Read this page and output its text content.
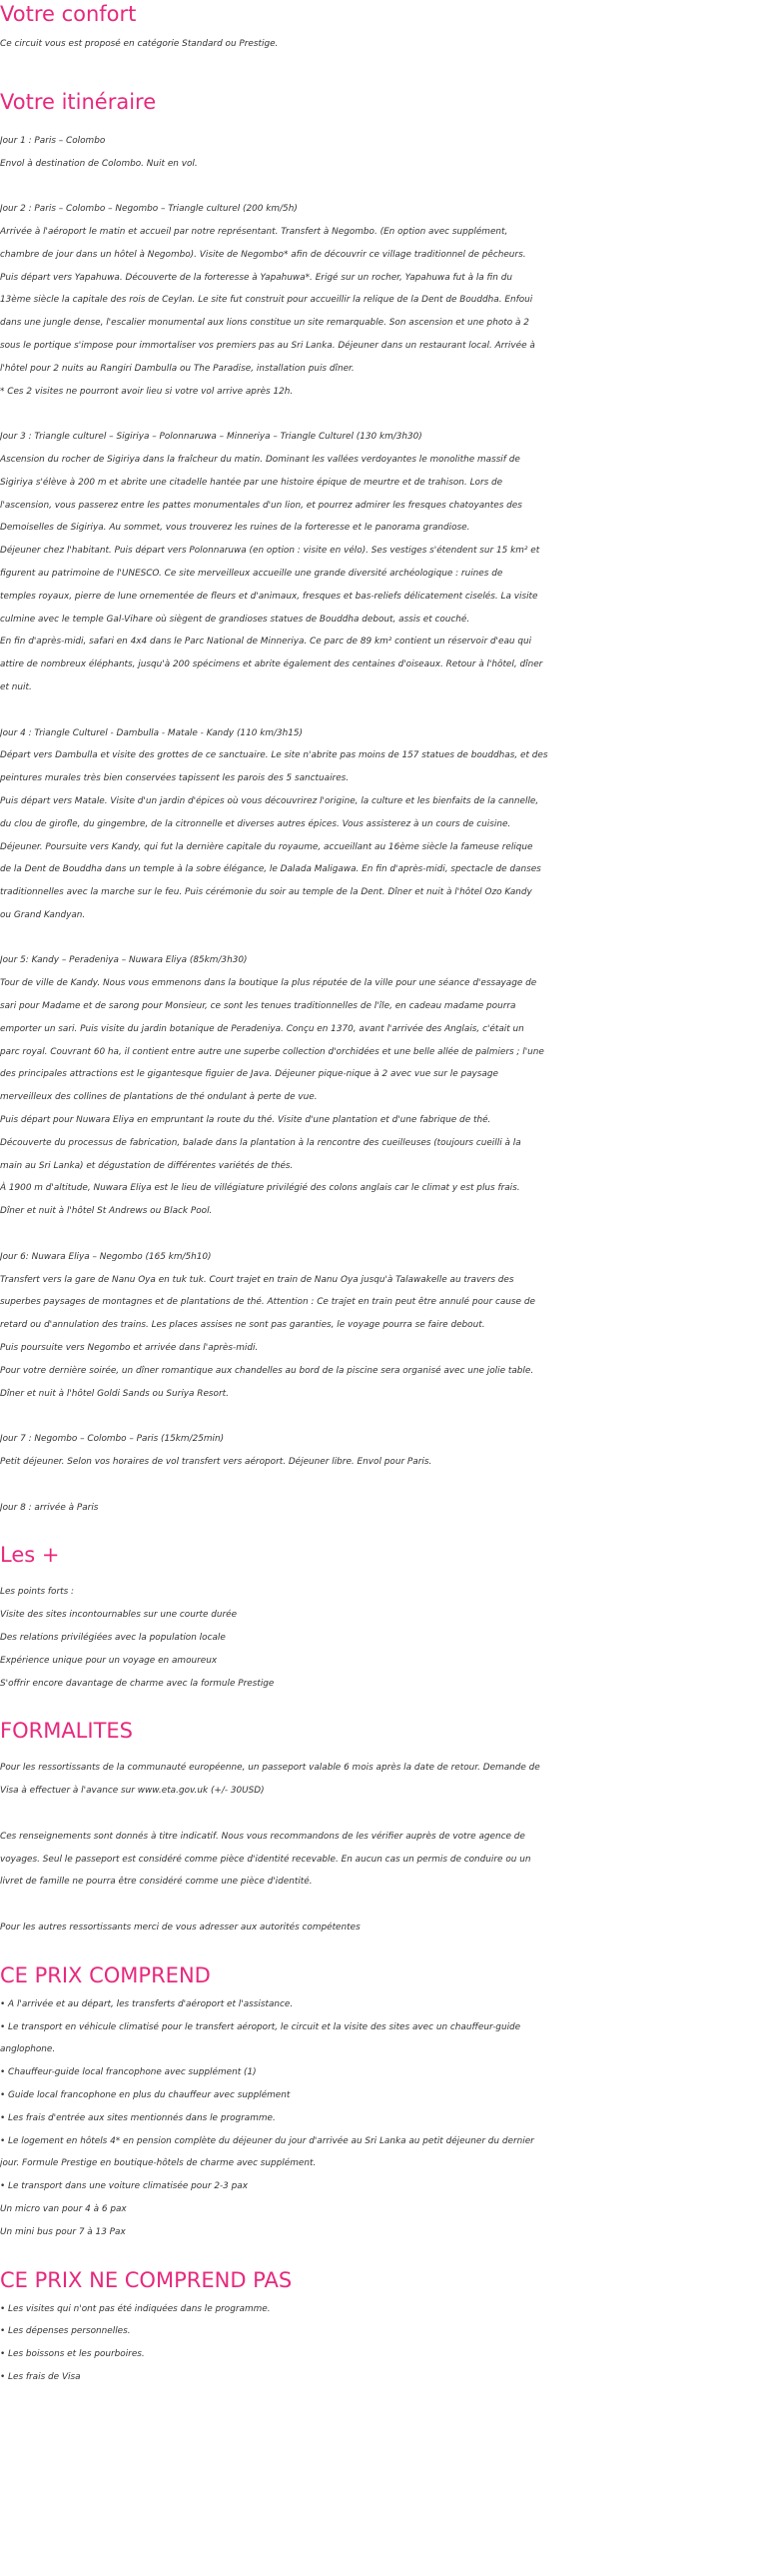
Votre confort

Ce circuit vous est proposé en catégorie Standard ou Prestige.

Votre itinéraire

Jour 1 : Paris – Colombo
Envol à destination de Colombo. Nuit en vol.

Jour 2 : Paris – Colombo – Negombo – Triangle culturel (200 km/5h)
Arrivée à l'aéroport le matin et accueil par notre représentant. Transfert à Negombo. (En option avec supplément,
chambre de jour dans un hôtel à Negombo). Visite de Negombo* afin de découvrir ce village traditionnel de pêcheurs.
Puis départ vers Yapahuwa. Découverte de la forteresse à Yapahuwa*. Erigé sur un rocher, Yapahuwa fut à la fin du
13ème siècle la capitale des rois de Ceylan. Le site fut construit pour accueillir la relique de la Dent de Bouddha. Enfoui
dans une jungle dense, l'escalier monumental aux lions constitue un site remarquable. Son ascension et une photo à 2
sous le portique s'impose pour immortaliser vos premiers pas au Sri Lanka. Déjeuner dans un restaurant local. Arrivée à
l'hôtel pour 2 nuits au Rangiri Dambulla ou The Paradise, installation puis dîner.
* Ces 2 visites ne pourront avoir lieu si votre vol arrive après 12h.

Jour 3 : Triangle culturel – Sigiriya – Polonnaruwa – Minneriya – Triangle Culturel (130 km/3h30)
Ascension du rocher de Sigiriya dans la fraîcheur du matin. Dominant les vallées verdoyantes le monolithe massif de
Sigiriya s'élève à 200 m et abrite une citadelle hantée par une histoire épique de meurtre et de trahison. Lors de
l'ascension, vous passerez entre les pattes monumentales d'un lion, et pourrez admirer les fresques chatoyantes des
Demoiselles de Sigiriya. Au sommet, vous trouverez les ruines de la forteresse et le panorama grandiose.
Déjeuner chez l'habitant. Puis départ vers Polonnaruwa (en option : visite en vélo). Ses vestiges s'étendent sur 15 km² et
figurent au patrimoine de l'UNESCO. Ce site merveilleux accueille une grande diversité archéologique : ruines de
temples royaux, pierre de lune ornementée de fleurs et d'animaux, fresques et bas-reliefs délicatement ciselés. La visite
culmine avec le temple Gal-Vihare où siègent de grandioses statues de Bouddha debout, assis et couché.
En fin d'après-midi, safari en 4x4 dans le Parc National de Minneriya. Ce parc de 89 km² contient un réservoir d'eau qui
attire de nombreux éléphants, jusqu'à 200 spécimens et abrite également des centaines d'oiseaux. Retour à l'hôtel, dîner
et nuit.

Jour 4 : Triangle Culturel - Dambulla - Matale - Kandy (110 km/3h15)
Départ vers Dambulla et visite des grottes de ce sanctuaire. Le site n'abrite pas moins de 157 statues de bouddhas, et des
peintures murales très bien conservées tapissent les parois des 5 sanctuaires.
Puis départ vers Matale. Visite d'un jardin d'épices où vous découvrirez l'origine, la culture et les bienfaits de la cannelle,
du clou de girofle, du gingembre, de la citronnelle et diverses autres épices. Vous assisterez à un cours de cuisine.
Déjeuner. Poursuite vers Kandy, qui fut la dernière capitale du royaume, accueillant au 16ème siècle la fameuse relique
de la Dent de Bouddha dans un temple à la sobre élégance, le Dalada Maligawa. En fin d'après-midi, spectacle de danses
traditionnelles avec la marche sur le feu. Puis cérémonie du soir au temple de la Dent. Dîner et nuit à l'hôtel Ozo Kandy
ou Grand Kandyan.

Jour 5: Kandy – Peradeniya – Nuwara Eliya (85km/3h30)
Tour de ville de Kandy. Nous vous emmenons dans la boutique la plus réputée de la ville pour une séance d'essayage de
sari pour Madame et de sarong pour Monsieur, ce sont les tenues traditionnelles de l'île, en cadeau madame pourra
emporter un sari. Puis visite du jardin botanique de Peradeniya. Conçu en 1370, avant l'arrivée des Anglais, c'était un
parc royal. Couvrant 60 ha, il contient entre autre une superbe collection d'orchidées et une belle allée de palmiers ; l'une
des principales attractions est le gigantesque figuier de Java. Déjeuner pique-nique à 2 avec vue sur le paysage
merveilleux des collines de plantations de thé ondulant à perte de vue.
Puis départ pour Nuwara Eliya en empruntant la route du thé. Visite d'une plantation et d'une fabrique de thé.
Découverte du processus de fabrication, balade dans la plantation à la rencontre des cueilleuses (toujours cueilli à la
main au Sri Lanka) et dégustation de différentes variétés de thés.
À 1900 m d'altitude, Nuwara Eliya est le lieu de villégiature privilégié des colons anglais car le climat y est plus frais.
Dîner et nuit à l'hôtel St Andrews ou Black Pool.

Jour 6: Nuwara Eliya – Negombo (165 km/5h10)
Transfert vers la gare de Nanu Oya en tuk tuk. Court trajet en train de Nanu Oya jusqu'à Talawakelle au travers des
superbes paysages de montagnes et de plantations de thé. Attention : Ce trajet en train peut être annulé pour cause de
retard ou d'annulation des trains. Les places assises ne sont pas garanties, le voyage pourra se faire debout.
Puis poursuite vers Negombo et arrivée dans l'après-midi.
Pour votre dernière soirée, un dîner romantique aux chandelles au bord de la piscine sera organisé avec une jolie table.
Dîner et nuit à l'hôtel Goldi Sands ou Suriya Resort.

Jour 7 : Negombo – Colombo – Paris (15km/25min)
Petit déjeuner. Selon vos horaires de vol transfert vers aéroport. Déjeuner libre. Envol pour Paris.

Jour 8 : arrivée à Paris

Les +

Les points forts :
Visite des sites incontournables sur une courte durée
Des relations privilégiées avec la population locale
Expérience unique pour un voyage en amoureux
S'offrir encore davantage de charme avec la formule Prestige

FORMALITES

Pour les ressortissants de la communauté européenne, un passeport valable 6 mois après la date de retour. Demande de
Visa à effectuer à l'avance sur www.eta.gov.uk (+/- 30USD)

Ces renseignements sont donnés à titre indicatif. Nous vous recommandons de les vérifier auprès de votre agence de
voyages. Seul le passeport est considéré comme pièce d'identité recevable. En aucun cas un permis de conduire ou un
livret de famille ne pourra être considéré comme une pièce d'identité.

Pour les autres ressortissants merci de vous adresser aux autorités compétentes

CE PRIX COMPREND

• A l'arrivée et au départ, les transferts d'aéroport et l'assistance.
• Le transport en véhicule climatisé pour le transfert aéroport, le circuit et la visite des sites avec un chauffeur-guide
anglophone.
• Chauffeur-guide local francophone avec supplément (1)
• Guide local francophone en plus du chauffeur avec supplément
• Les frais d'entrée aux sites mentionnés dans le programme.
• Le logement en hôtels 4* en pension complète du déjeuner du jour d'arrivée au Sri Lanka au petit déjeuner du dernier
jour. Formule Prestige en boutique-hôtels de charme avec supplément.
• Le transport dans une voiture climatisée pour 2-3 pax
Un micro van pour 4 à 6 pax
Un mini bus pour 7 à 13 Pax

CE PRIX NE COMPREND PAS

• Les visites qui n'ont pas été indiquées dans le programme.
• Les dépenses personnelles.
• Les boissons et les pourboires.
• Les frais de Visa
